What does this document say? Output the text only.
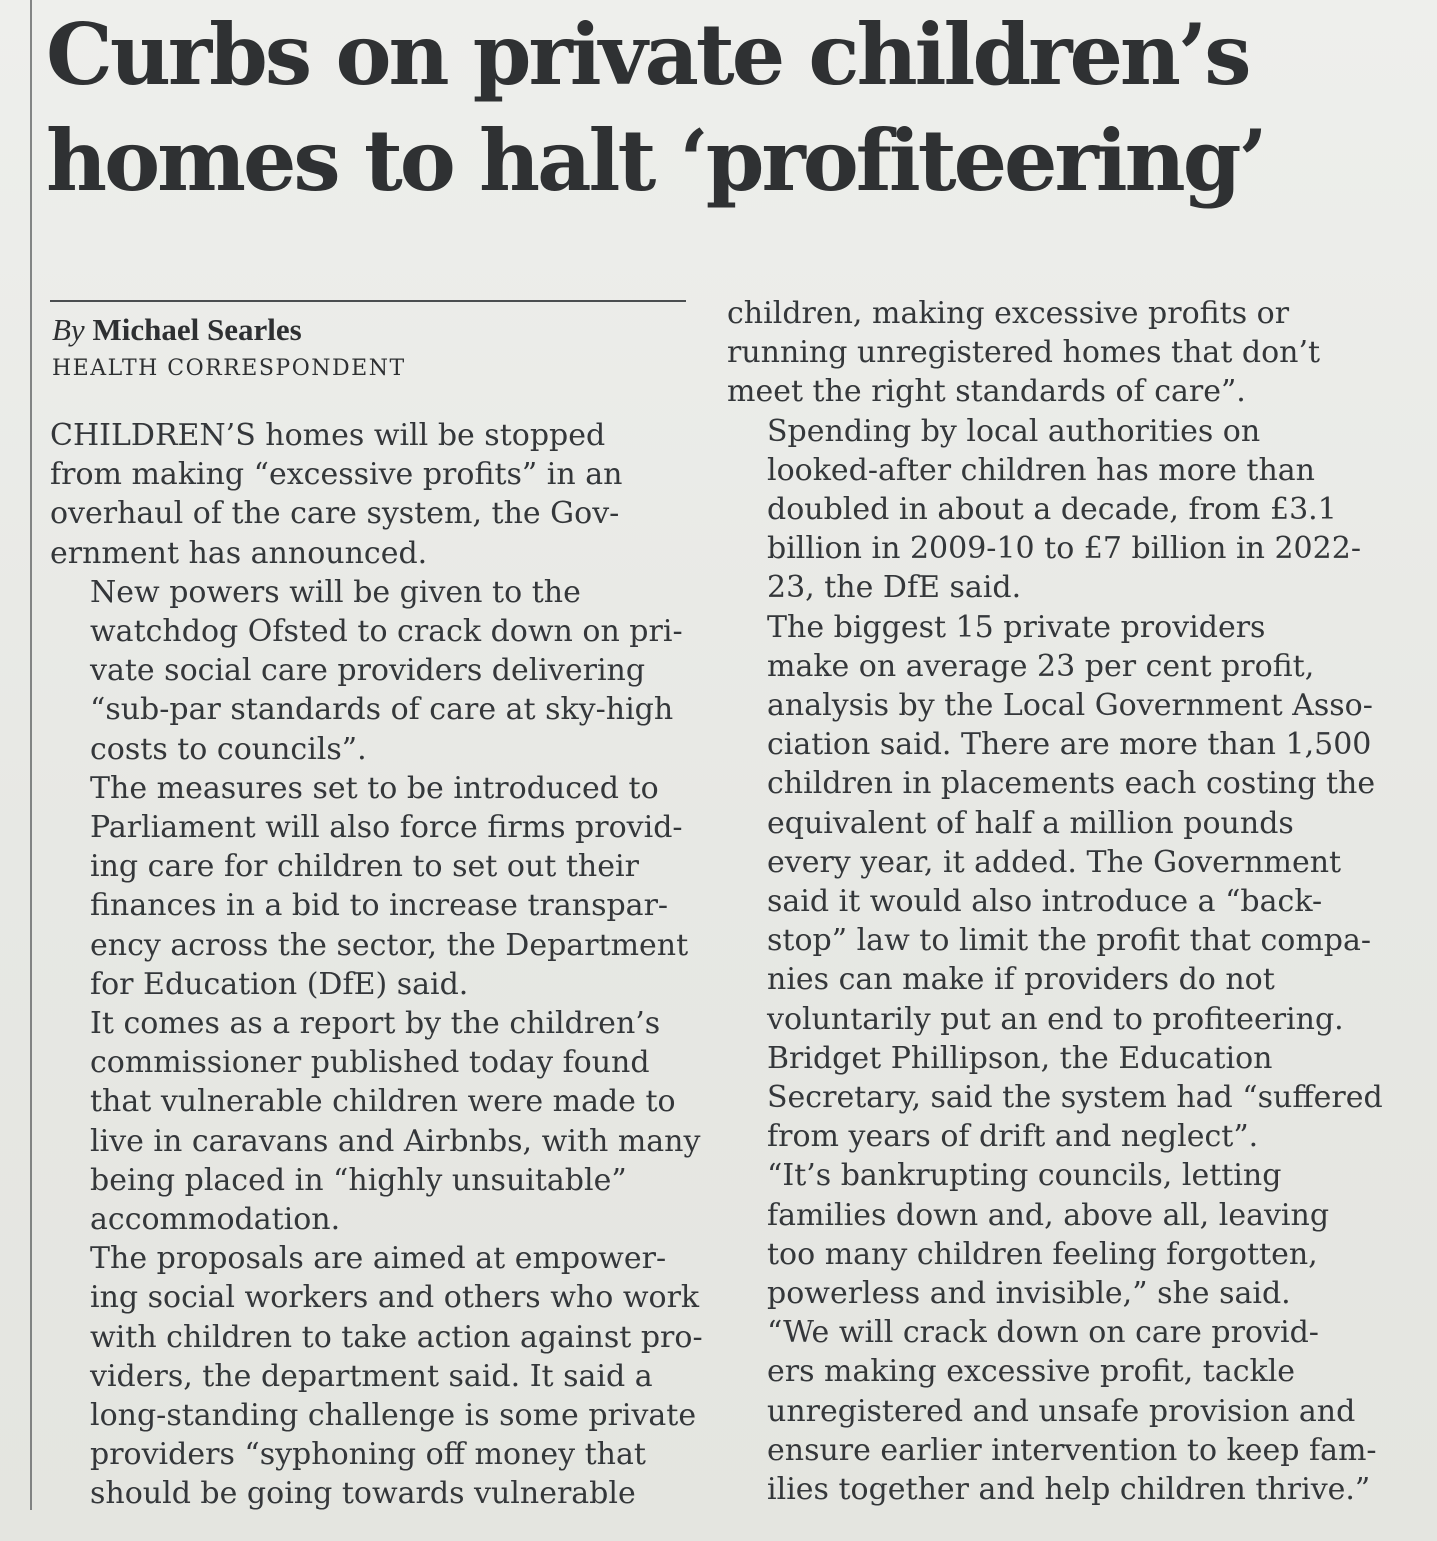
Curbs on private children’s
homes to halt ‘profiteering’
By Michael Searles
HEALTH CORRESPONDENT

CHILDREN’S homes will be stopped
from making “excessive profits” in an
overhaul of the care system, the Gov-
ernment has announced.

New powers will be given to the
watchdog Ofsted to crack down on pri-
vate social care providers delivering
“sub-par standards of care at sky-high
costs to councils”.

The measures set to be introduced to
Parliament will also force firms provid-
ing care for children to set out their
finances in a bid to increase transpar-
ency across the sector, the Department
for Education (DfE) said.

It comes as a report by the children’s
commissioner published today found
that vulnerable children were made to
live in caravans and Airbnbs, with many
being placed in “highly unsuitable”
accommodation.

The proposals are aimed at empower-
ing social workers and others who work
with children to take action against pro-
viders, the department said. It said a
long-standing challenge is some private
providers “syphoning off money that
should be going towards vulnerable

children, making excessive profits or
running unregistered homes that don’t
meet the right standards of care”.

Spending by local authorities on
looked-after children has more than
doubled in about a decade, from £3.1
billion in 2009-10 to £7 billion in 2022-
23, the DfE said.

The biggest 15 private providers
make on average 23 per cent profit,
analysis by the Local Government Asso-
ciation said. There are more than 1,500
children in placements each costing the
equivalent of half a million pounds
every year, it added. The Government
said it would also introduce a “back-
stop” law to limit the profit that compa-
nies can make if providers do not
voluntarily put an end to profiteering.

Bridget Phillipson, the Education
Secretary, said the system had “suffered
from years of drift and neglect”.

“It’s bankrupting councils, letting
families down and, above all, leaving
too many children feeling forgotten,
powerless and invisible,” she said.

“We will crack down on care provid-
ers making excessive profit, tackle
unregistered and unsafe provision and
ensure earlier intervention to keep fam-
ilies together and help children thrive.”
